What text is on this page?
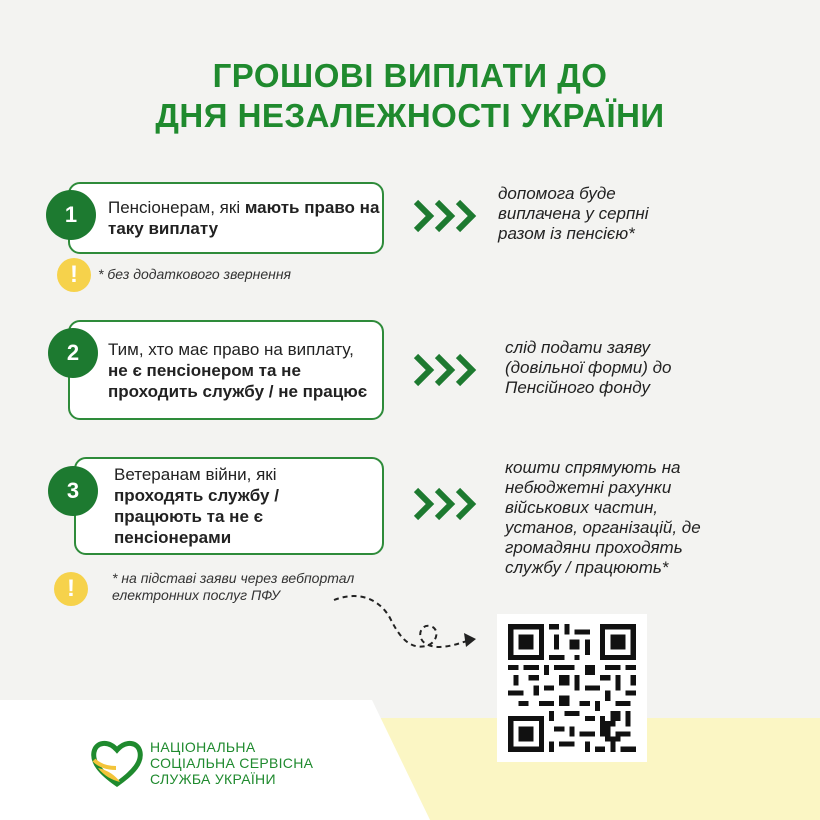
ГРОШОВІ ВИПЛАТИ ДО
ДНЯ НЕЗАЛЕЖНОСТІ УКРАЇНИ
Пенсіонерам, які мають право на таку виплату
1
допомога буде
виплачена у серпні
разом із пенсією*
!	* без додаткового звернення
Тим, хто має право на виплату, не є пенсіонером та не проходить службу / не працює
2	слід подати заяву
(довільної форми) до
Пенсійного фонду
Ветеранам війни, які проходять службу / працюють та не є пенсіонерами
3
кошти спрямують на
небюджетні рахунки
військових частин,
установ, організацій, де
громадяни проходять
службу / працюють*
!	* на підставі заяви через вебпортал
електронних послуг ПФУ
НАЦІОНАЛЬНА
СОЦІАЛЬНА СЕРВІСНА
СЛУЖБА УКРАЇНИ
